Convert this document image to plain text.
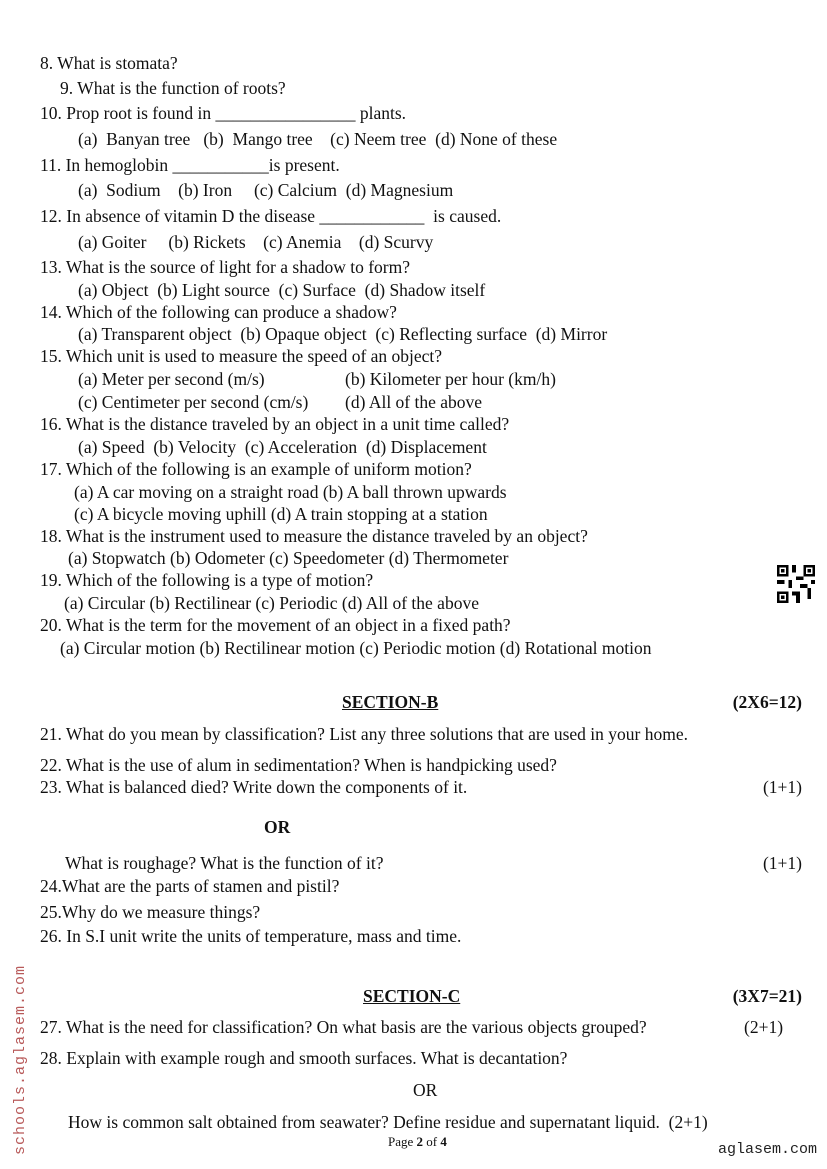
8. What is stomata?
9. What is the function of roots?
10. Prop root is found in ________________ plants.
(a)  Banyan tree   (b)  Mango tree    (c) Neem tree  (d) None of these
11. In hemoglobin ___________is present.
(a)  Sodium    (b) Iron     (c) Calcium  (d) Magnesium
12. In absence of vitamin D the disease ____________  is caused.
(a) Goiter     (b) Rickets    (c) Anemia    (d) Scurvy
13. What is the source of light for a shadow to form?
(a) Object  (b) Light source  (c) Surface  (d) Shadow itself
14. Which of the following can produce a shadow?
(a) Transparent object  (b) Opaque object  (c) Reflecting surface  (d) Mirror
15. Which unit is used to measure the speed of an object?
(a) Meter per second (m/s)	(b) Kilometer per hour (km/h)
(c) Centimeter per second (cm/s) (d) All of the above
16. What is the distance traveled by an object in a unit time called?
(a) Speed  (b) Velocity  (c) Acceleration  (d) Displacement
17. Which of the following is an example of uniform motion?
(a) A car moving on a straight road (b) A ball thrown upwards
(c) A bicycle moving uphill (d) A train stopping at a station
18. What is the instrument used to measure the distance traveled by an object?
(a) Stopwatch (b) Odometer (c) Speedometer (d) Thermometer
19. Which of the following is a type of motion?
(a) Circular (b) Rectilinear (c) Periodic (d) All of the above
20. What is the term for the movement of an object in a fixed path?
(a) Circular motion (b) Rectilinear motion (c) Periodic motion (d) Rotational motion
SECTION-B	(2X6=12)
21. What do you mean by classification? List any three solutions that are used in your home.
22. What is the use of alum in sedimentation? When is handpicking used?
23. What is balanced died? Write down the components of it.	(1+1)
OR
What is roughage? What is the function of it?	(1+1)
24.What are the parts of stamen and pistil?
25.Why do we measure things?
26. In S.I unit write the units of temperature, mass and time.
SECTION-C	(3X7=21)
27. What is the need for classification? On what basis are the various objects grouped?	(2+1)
28. Explain with example rough and smooth surfaces. What is decantation?
OR
How is common salt obtained from seawater? Define residue and supernatant liquid.  (2+1)
Page 2 of 4	aglasem.com
schools.aglasem.com
